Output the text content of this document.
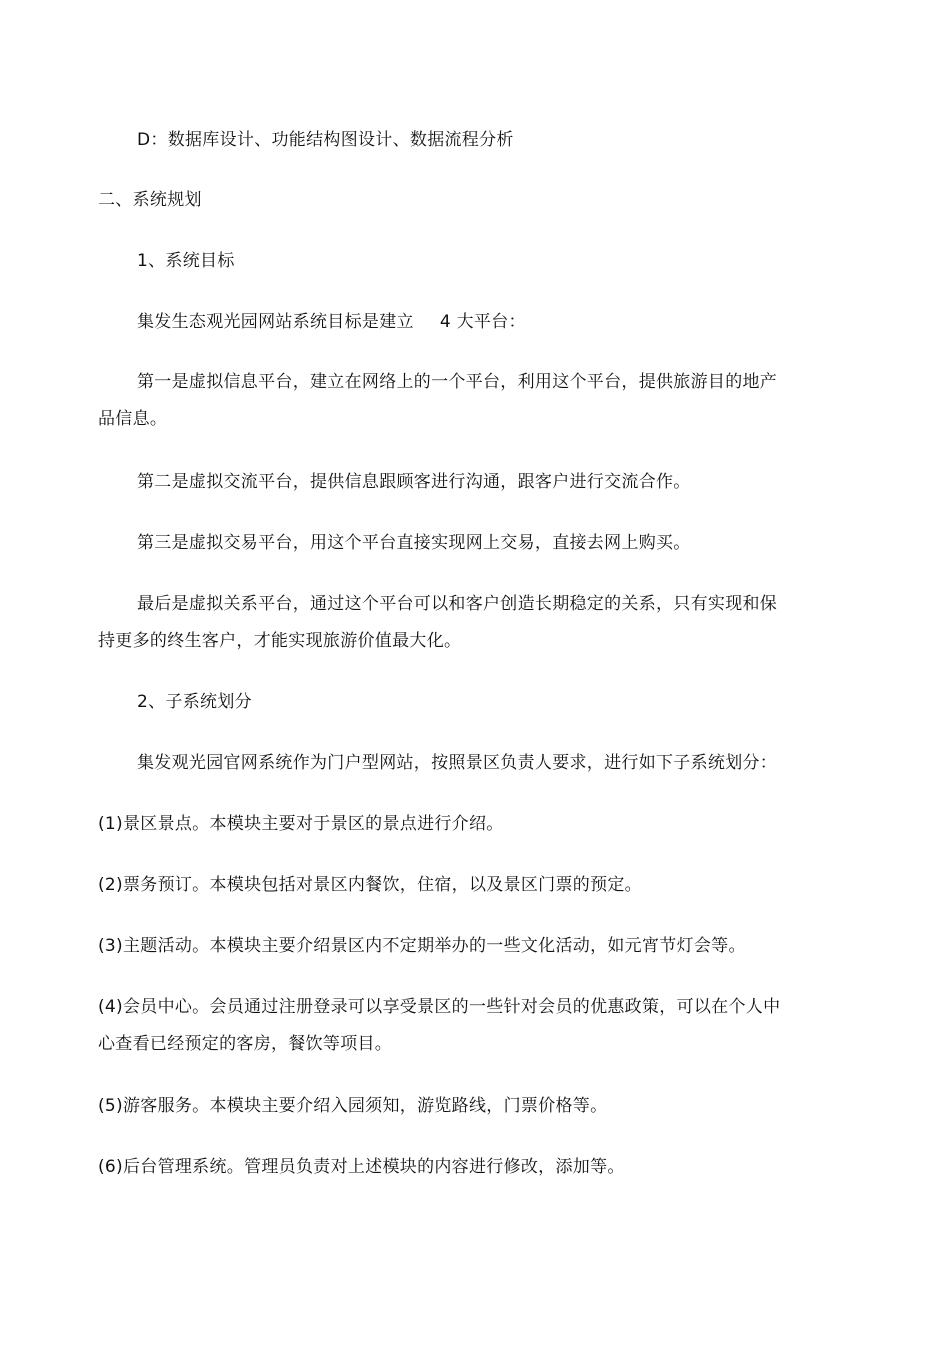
D：数据库设计、功能结构图设计、数据流程分析
二、系统规划
1、系统目标
集发生态观光园网站系统目标是建立 4 大平台：
第一是虚拟信息平台，建立在网络上的一个平台，利用这个平台，提供旅游目的地产
品信息。
第二是虚拟交流平台，提供信息跟顾客进行沟通，跟客户进行交流合作。
第三是虚拟交易平台，用这个平台直接实现网上交易，直接去网上购买。
最后是虚拟关系平台，通过这个平台可以和客户创造长期稳定的关系，只有实现和保
持更多的终生客户，才能实现旅游价值最大化。
2、子系统划分
集发观光园官网系统作为门户型网站，按照景区负责人要求，进行如下子系统划分：
(1)景区景点。本模块主要对于景区的景点进行介绍。
(2)票务预订。本模块包括对景区内餐饮，住宿，以及景区门票的预定。
(3)主题活动。本模块主要介绍景区内不定期举办的一些文化活动，如元宵节灯会等。
(4)会员中心。会员通过注册登录可以享受景区的一些针对会员的优惠政策，可以在个人中
心查看已经预定的客房，餐饮等项目。
(5)游客服务。本模块主要介绍入园须知，游览路线，门票价格等。
(6)后台管理系统。管理员负责对上述模块的内容进行修改，添加等。
